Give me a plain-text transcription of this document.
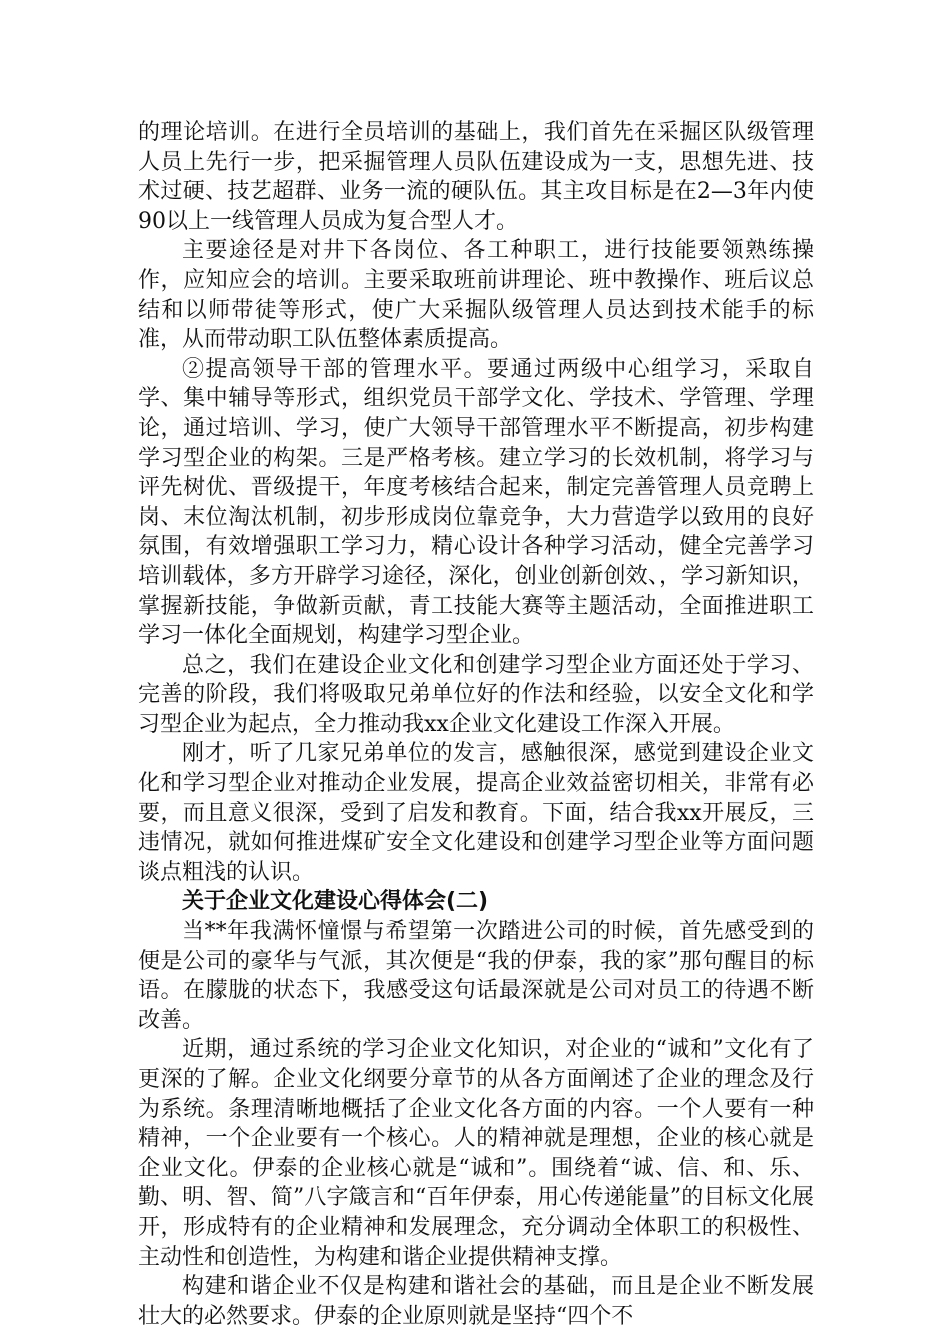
的理论培训。在进行全员培训的基础上，我们首先在采掘区队级管理人员上先行一步，把采掘管理人员队伍建设成为一支，思想先进、技术过硬、技艺超群、业务一流的硬队伍。其主攻目标是在2—3年内使90以上一线管理人员成为复合型人才。

主要途径是对井下各岗位、各工种职工，进行技能要领熟练操作，应知应会的培训。主要采取班前讲理论、班中教操作、班后议总结和以师带徒等形式，使广大采掘队级管理人员达到技术能手的标准，从而带动职工队伍整体素质提高。

②提高领导干部的管理水平。要通过两级中心组学习，采取自学、集中辅导等形式，组织党员干部学文化、学技术、学管理、学理论，通过培训、学习，使广大领导干部管理水平不断提高，初步构建学习型企业的构架。三是严格考核。建立学习的长效机制，将学习与评先树优、晋级提干，年度考核结合起来，制定完善管理人员竞聘上岗、末位淘汰机制，初步形成岗位靠竞争，大力营造学以致用的良好氛围，有效增强职工学习力，精心设计各种学习活动，健全完善学习培训载体，多方开辟学习途径，深化，创业创新创效、，学习新知识，掌握新技能，争做新贡献，青工技能大赛等主题活动，全面推进职工学习一体化全面规划，构建学习型企业。

总之，我们在建设企业文化和创建学习型企业方面还处于学习、完善的阶段，我们将吸取兄弟单位好的作法和经验，以安全文化和学习型企业为起点，全力推动我xx企业文化建设工作深入开展。

刚才，听了几家兄弟单位的发言，感触很深，感觉到建设企业文化和学习型企业对推动企业发展，提高企业效益密切相关，非常有必要，而且意义很深，受到了启发和教育。下面，结合我xx开展反，三违情况，就如何推进煤矿安全文化建设和创建学习型企业等方面问题谈点粗浅的认识。

关于企业文化建设心得体会(二)

当**年我满怀憧憬与希望第一次踏进公司的时候，首先感受到的便是公司的豪华与气派，其次便是“我的伊泰，我的家”那句醒目的标语。在朦胧的状态下，我感受这句话最深就是公司对员工的待遇不断改善。

近期，通过系统的学习企业文化知识，对企业的“诚和”文化有了更深的了解。企业文化纲要分章节的从各方面阐述了企业的理念及行为系统。条理清晰地概括了企业文化各方面的内容。一个人要有一种精神，一个企业要有一个核心。人的精神就是理想，企业的核心就是企业文化。伊泰的企业核心就是“诚和”。围绕着“诚、信、和、乐、勤、明、智、简”八字箴言和“百年伊泰，用心传递能量”的目标文化展开，形成特有的企业精神和发展理念，充分调动全体职工的积极性、主动性和创造性，为构建和谐企业提供精神支撑。

构建和谐企业不仅是构建和谐社会的基础，而且是企业不断发展壮大的必然要求。伊泰的企业原则就是坚持“四个不
